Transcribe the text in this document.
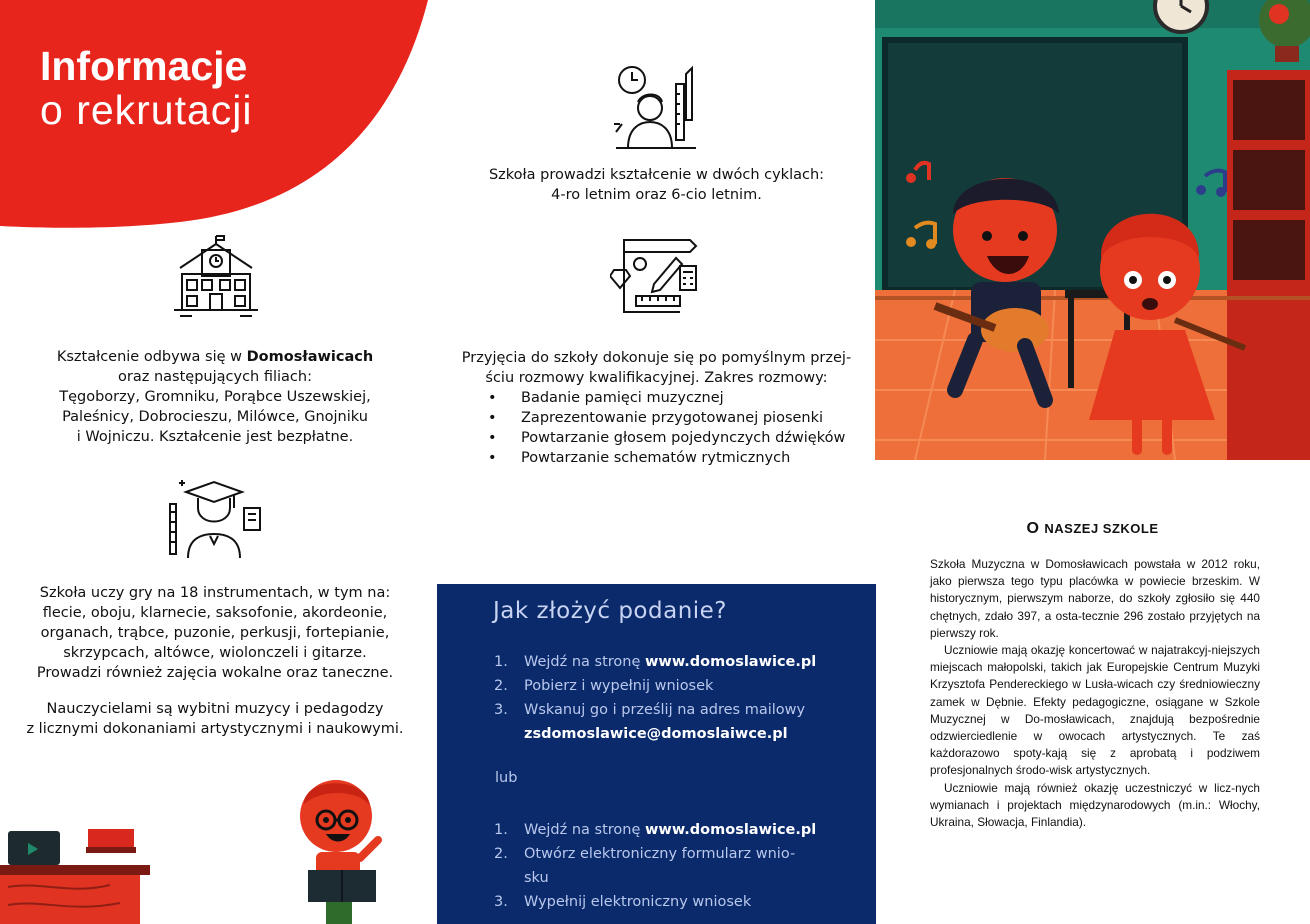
Informacje
o rekrutacji
Kształcenie odbywa się w Domosławicach
oraz następujących filiach:
Tęgoborzy, Gromniku, Porąbce Uszewskiej,
Paleśnicy, Dobrocieszu, Milówce, Gnojniku
i Wojniczu. Kształcenie jest bezpłatne.
Szkoła uczy gry na 18 instrumentach, w tym na:
flecie, oboju, klarnecie, saksofonie, akordeonie,
organach, trąbce, puzonie, perkusji, fortepianie,
skrzypcach, altówce, wiolonczeli i gitarze.
Prowadzi również zajęcia wokalne oraz taneczne.
Nauczycielami są wybitni muzycy i pedagodzy
z licznymi dokonaniami artystycznymi i naukowymi.
Szkoła prowadzi kształcenie w dwóch cyklach:
4-ro letnim oraz 6-cio letnim.
Przyjęcia do szkoły dokonuje się po pomyślnym przej-
ściu rozmowy kwalifikacyjnej. Zakres rozmowy:
• Badanie pamięci muzycznej
• Zaprezentowanie przygotowanej piosenki
• Powtarzanie głosem pojedynczych dźwięków
• Powtarzanie schematów rytmicznych
Jak złożyć podanie?
1. Wejdź na stronę www.domoslawice.pl
2. Pobierz i wypełnij wniosek
3. Wskanuj go i prześlij na adres mailowy
zsdomoslawice@domoslaiwce.pl
lub
1. Wejdź na stronę www.domoslawice.pl
2. Otwórz elektroniczny formularz wnio-
sku
3. Wypełnij elektroniczny wniosek
O NASZEJ SZKOLE

Szkoła Muzyczna w Domosławicach powstała w 2012 roku, jako pierwsza tego typu placówka w powiecie brzeskim. W historycznym, pierwszym naborze, do szkoły zgłosiło się 440 chętnych, zdało 397, a osta-tecznie 296 zostało przyjętych na pierwszy rok.

Uczniowie mają okazję koncertować w najatrakcyj-niejszych miejscach małopolski, takich jak Europejskie Centrum Muzyki Krzysztofa Pendereckiego w Lusła-wicach czy średniowieczny zamek w Dębnie. Efekty pedagogiczne, osiągane w Szkole Muzycznej w Do-mosławicach, znajdują bezpośrednie odzwierciedlenie w owocach artystycznych. Te zaś każdorazowo spoty-kają się z aprobatą i podziwem profesjonalnych środo-wisk artystycznych.

Uczniowie mają również okazję uczestniczyć w licz-nych wymianach i projektach międzynarodowych (m.in.: Włochy, Ukraina, Słowacja, Finlandia).
